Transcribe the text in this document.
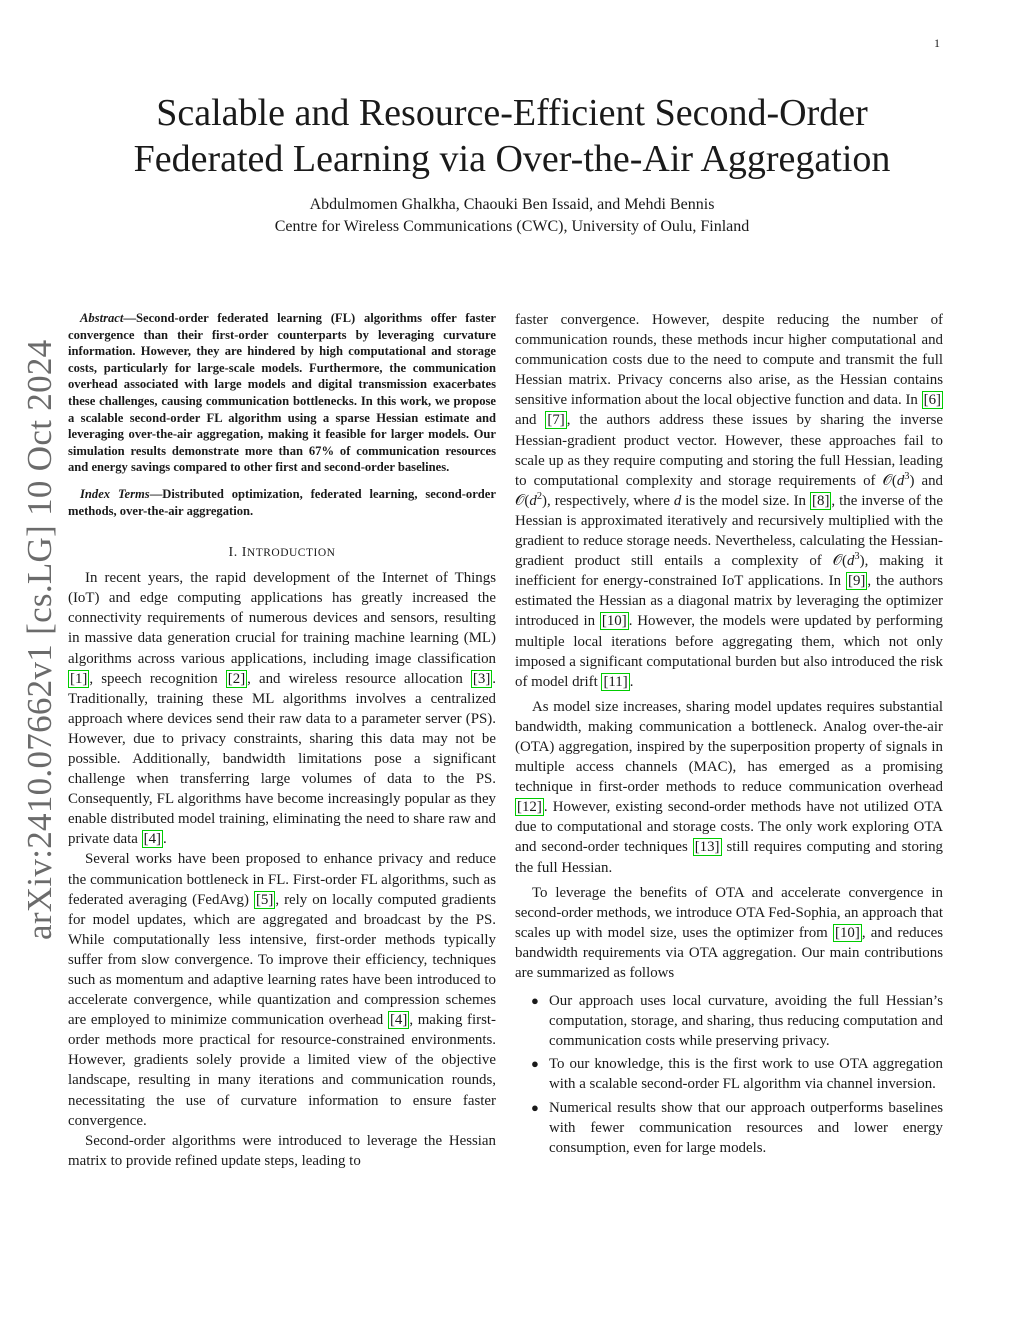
1
arXiv:2410.07662v1 [cs.LG] 10 Oct 2024
Scalable and Resource-Efficient Second-Order
Federated Learning via Over-the-Air Aggregation
Abdulmomen Ghalkha, Chaouki Ben Issaid, and Mehdi Bennis
Centre for Wireless Communications (CWC), University of Oulu, Finland

Abstract—Second-order federated learning (FL) algorithms offer faster convergence than their first-order counterparts by leveraging curvature information. However, they are hindered by high computational and storage costs, particularly for large-scale models. Furthermore, the communication overhead associated with large models and digital transmission exacerbates these challenges, causing communication bottlenecks. In this work, we propose a scalable second-order FL algorithm using a sparse Hessian estimate and leveraging over-the-air aggregation, making it feasible for larger models. Our simulation results demonstrate more than 67% of communication resources and energy savings compared to other first and second-order baselines.

Index Terms—Distributed optimization, federated learning, second-order methods, over-the-air aggregation.

I. INTRODUCTION

In recent years, the rapid development of the Internet of Things (IoT) and edge computing applications has greatly increased the connectivity requirements of numerous devices and sensors, resulting in massive data generation crucial for training machine learning (ML) algorithms across various applications, including image classification [1] , speech recognition [2] , and wireless resource allocation [3] . Traditionally, training these ML algorithms involves a centralized approach where devices send their raw data to a parameter server (PS). However, due to privacy constraints, sharing this data may not be possible. Additionally, bandwidth limitations pose a significant challenge when transferring large volumes of data to the PS. Consequently, FL algorithms have become increasingly popular as they enable distributed model training, eliminating the need to share raw and private data [4] .

Several works have been proposed to enhance privacy and reduce the communication bottleneck in FL. First-order FL algorithms, such as federated averaging (FedAvg) [5] , rely on locally computed gradients for model updates, which are aggregated and broadcast by the PS. While computationally less intensive, first-order methods typically suffer from slow convergence. To improve their efficiency, techniques such as momentum and adaptive learning rates have been introduced to accelerate convergence, while quantization and compression schemes are employed to minimize communication overhead [4] , making first-order methods more practical for resource-constrained environments. However, gradients solely provide a limited view of the objective landscape, resulting in many iterations and communication rounds, necessitating the use of curvature information to ensure faster convergence.

Second-order algorithms were introduced to leverage the Hessian matrix to provide refined update steps, leading to

faster convergence. However, despite reducing the number of communication rounds, these methods incur higher computational and communication costs due to the need to compute and transmit the full Hessian matrix. Privacy concerns also arise, as the Hessian contains sensitive information about the local objective function and data. In [6] and [7] , the authors address these issues by sharing the inverse Hessian-gradient product vector. However, these approaches fail to scale up as they require computing and storing the full Hessian, leading to computational complexity and storage requirements of $𝒪(d^3)$ and $𝒪(d^2)$, respectively, where d is the model size. In [8] , the inverse of the Hessian is approximated iteratively and recursively multiplied with the gradient to reduce storage needs. Nevertheless, calculating the Hessian-gradient product still entails a complexity of $𝒪(d^3)$, making it inefficient for energy-constrained IoT applications. In [9] , the authors estimated the Hessian as a diagonal matrix by leveraging the optimizer introduced in [10] . However, the models were updated by performing multiple local iterations before aggregating them, which not only imposed a significant computational burden but also introduced the risk of model drift [11] .

As model size increases, sharing model updates requires substantial bandwidth, making communication a bottleneck. Analog over-the-air (OTA) aggregation, inspired by the superposition property of signals in multiple access channels (MAC), has emerged as a promising technique in first-order methods to reduce communication overhead [12] . However, existing second-order methods have not utilized OTA due to computational and storage costs. The only work exploring OTA and second-order techniques [13] still requires computing and storing the full Hessian.

To leverage the benefits of OTA and accelerate convergence in second-order methods, we introduce OTA Fed-Sophia, an approach that scales up with model size, uses the optimizer from [10] , and reduces bandwidth requirements via OTA aggregation. Our main contributions are summarized as follows

● Our approach uses local curvature, avoiding the full Hessian’s computation, storage, and sharing, thus reducing computation and communication costs while preserving privacy.
● To our knowledge, this is the first work to use OTA aggregation with a scalable second-order FL algorithm via channel inversion.
● Numerical results show that our approach outperforms baselines with fewer communication resources and lower energy consumption, even for large models.
